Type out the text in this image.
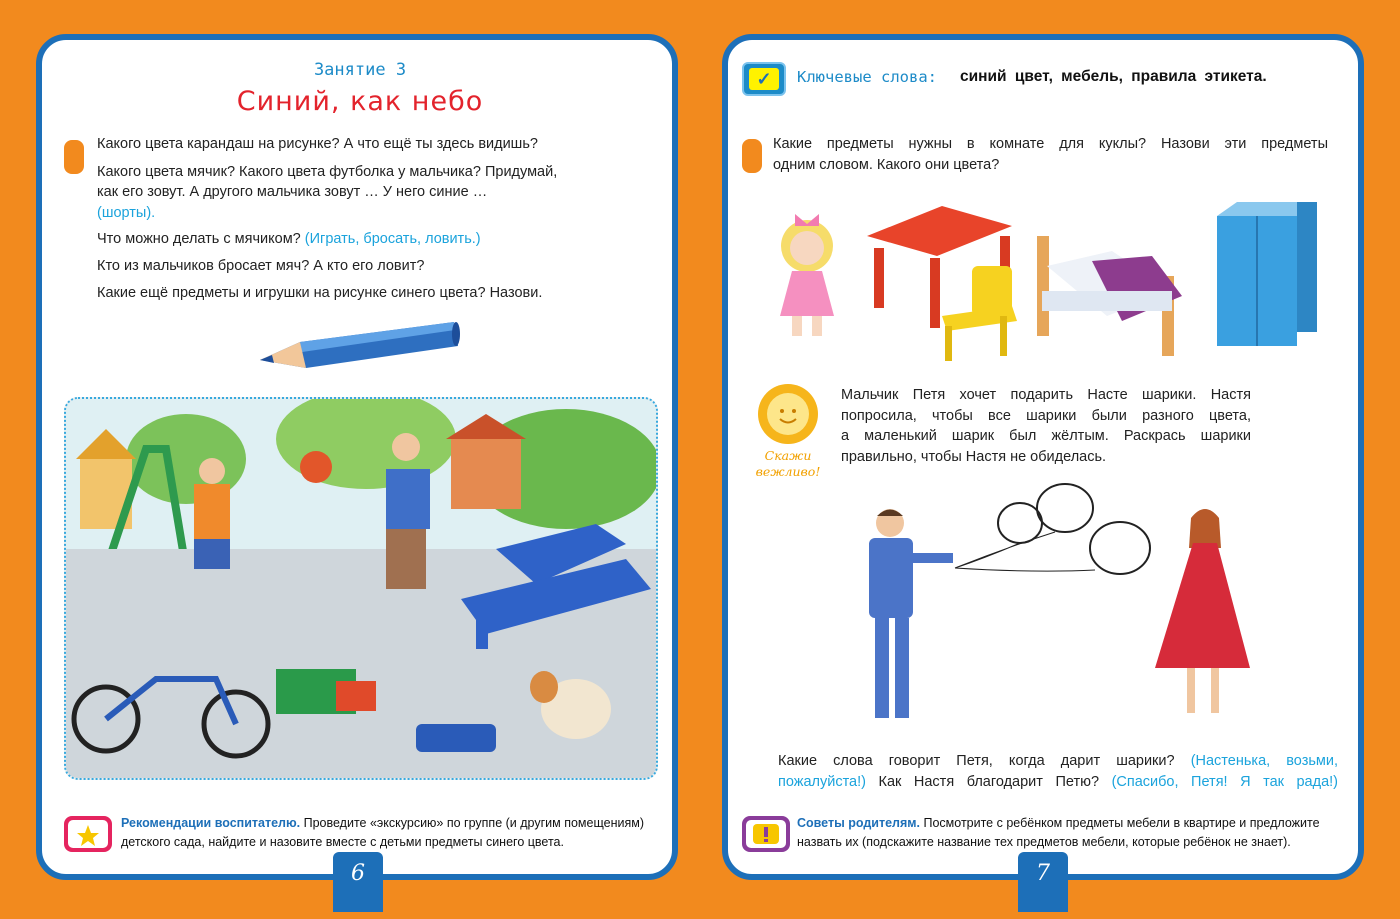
Занятие 3
Синий, как небо
Какого цвета карандаш на рисунке? А что ещё ты здесь видишь?
Какого цвета мячик? Какого цвета футболка у мальчика? Придумай,
как его зовут. А другого мальчика зовут … У него синие …
(шорты).
Что можно делать с мячиком? (Играть, бросать, ловить.)
Кто из мальчиков бросает мяч? А кто его ловит?
Какие ещё предметы и игрушки на рисунке синего цвета? Назови.
Рекомендации воспитателю. Проведите «экскурсию» по группе (и другим помещениям)
детского сада, найдите и назовите вместе с детьми предметы синего цвета.
6
✓	Ключевые слова: синий цвет, мебель, правила этикета.
Какие предметы нужны в комнате для куклы? Назови эти предметы
одним словом. Какого они цвета?
Скажи
вежливо!
Мальчик Петя хочет подарить Насте шарики. Настя
попросила, чтобы все шарики были разного цвета,
а маленький шарик был жёлтым. Раскрась шарики
правильно, чтобы Настя не обиделась.
Какие слова говорит Петя, когда дарит шарики? (Настенька, возьми,
пожалуйста!) Как Настя благодарит Петю? (Спасибо, Петя! Я так рада!)
Советы родителям. Посмотрите с ребёнком предметы мебели в квартире и предложите
назвать их (подскажите название тех предметов мебели, которые ребёнок не знает).
7
